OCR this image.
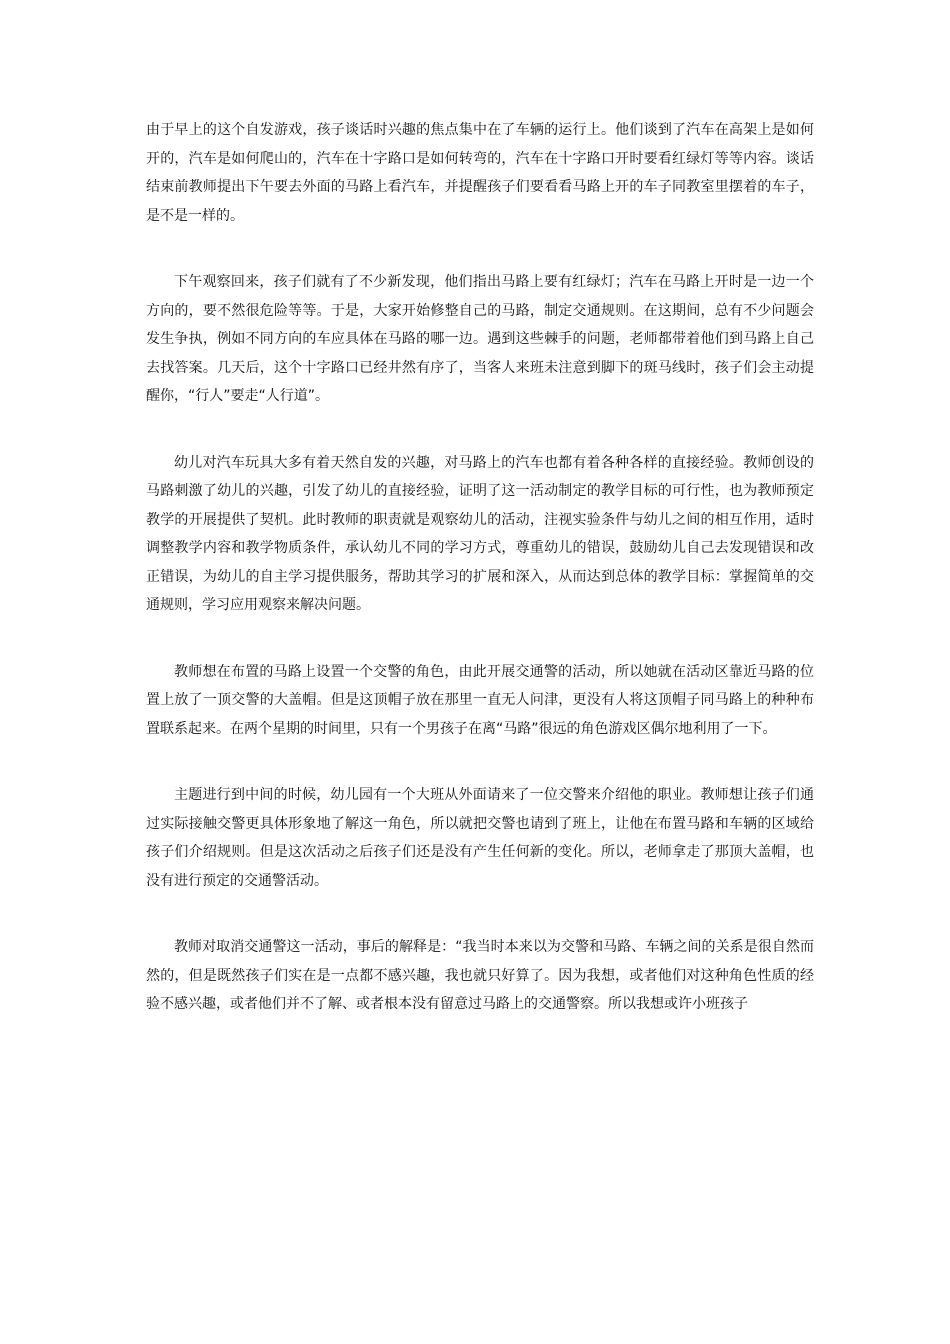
由于早上的这个自发游戏，孩子谈话时兴趣的焦点集中在了车辆的运行上。他们谈到了汽车在高架上是如何开的，汽车是如何爬山的，汽车在十字路口是如何转弯的，汽车在十字路口开时要看红绿灯等等内容。谈话结束前教师提出下午要去外面的马路上看汽车，并提醒孩子们要看看马路上开的车子同教室里摆着的车子，是不是一样的。

下午观察回来，孩子们就有了不少新发现，他们指出马路上要有红绿灯；汽车在马路上开时是一边一个方向的，要不然很危险等等。于是，大家开始修整自己的马路，制定交通规则。在这期间，总有不少问题会发生争执，例如不同方向的车应具体在马路的哪一边。遇到这些棘手的问题，老师都带着他们到马路上自己去找答案。几天后，这个十字路口已经井然有序了，当客人来班未注意到脚下的斑马线时，孩子们会主动提醒你，“行人”要走“人行道”。

幼儿对汽车玩具大多有着天然自发的兴趣，对马路上的汽车也都有着各种各样的直接经验。教师创设的马路刺激了幼儿的兴趣，引发了幼儿的直接经验，证明了这一活动制定的教学目标的可行性，也为教师预定教学的开展提供了契机。此时教师的职责就是观察幼儿的活动，注视实验条件与幼儿之间的相互作用，适时调整教学内容和教学物质条件，承认幼儿不同的学习方式，尊重幼儿的错误，鼓励幼儿自己去发现错误和改正错误，为幼儿的自主学习提供服务，帮助其学习的扩展和深入，从而达到总体的教学目标：掌握简单的交通规则，学习应用观察来解决问题。

教师想在布置的马路上设置一个交警的角色，由此开展交通警的活动，所以她就在活动区靠近马路的位置上放了一顶交警的大盖帽。但是这顶帽子放在那里一直无人问津，更没有人将这顶帽子同马路上的种种布置联系起来。在两个星期的时间里，只有一个男孩子在离“马路”很远的角色游戏区偶尔地利用了一下。

主题进行到中间的时候，幼儿园有一个大班从外面请来了一位交警来介绍他的职业。教师想让孩子们通过实际接触交警更具体形象地了解这一角色，所以就把交警也请到了班上，让他在布置马路和车辆的区域给孩子们介绍规则。但是这次活动之后孩子们还是没有产生任何新的变化。所以，老师拿走了那顶大盖帽，也没有进行预定的交通警活动。

教师对取消交通警这一活动，事后的解释是：“我当时本来以为交警和马路、车辆之间的关系是很自然而然的，但是既然孩子们实在是一点都不感兴趣，我也就只好算了。因为我想，或者他们对这种角色性质的经验不感兴趣，或者他们并不了解、或者根本没有留意过马路上的交通警察。所以我想或许小班孩子
